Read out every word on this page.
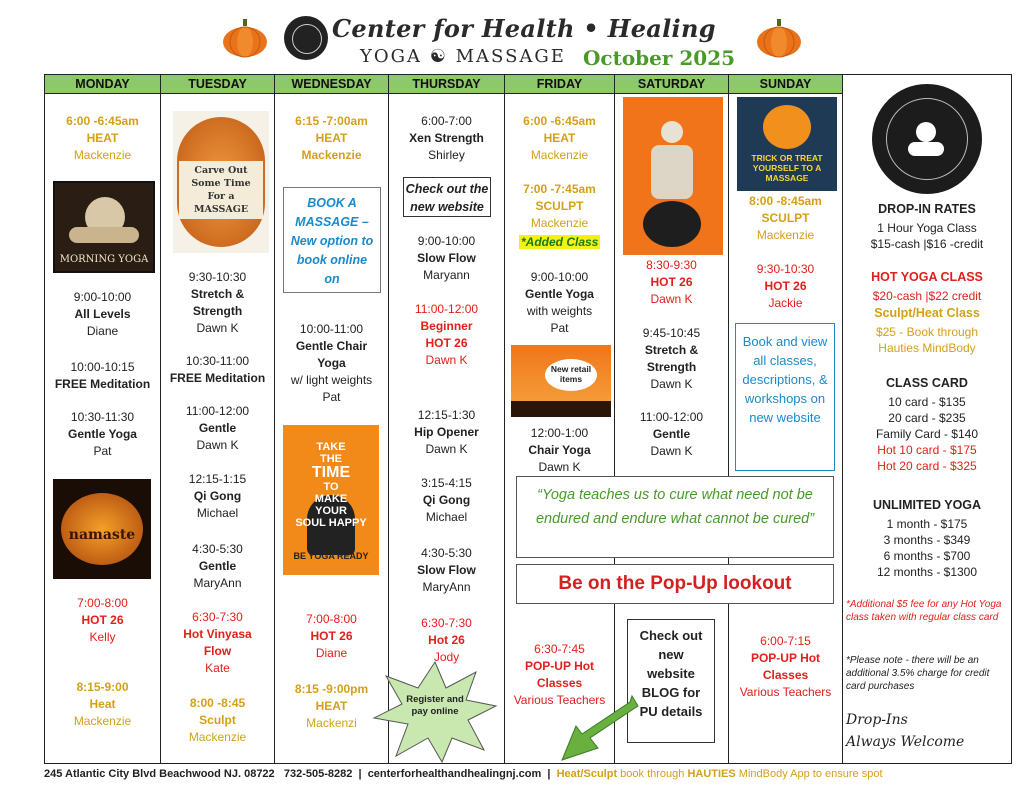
Center for Health • Healing
YOGA ☯ MASSAGE October 2025
MONDAY
6:00 -6:45am
HEAT
Mackenzie
MORNING YOGA
9:00-10:00
All Levels
Diane
10:00-10:15
FREE Meditation
10:30-11:30
Gentle Yoga
Pat
namaste
7:00-8:00
HOT 26
Kelly
8:15-9:00
Heat
Mackenzie
TUESDAY
Carve Out Some Time For a MASSAGE
9:30-10:30
Stretch & Strength
Dawn K
10:30-11:00
FREE Meditation
11:00-12:00
Gentle
Dawn K
12:15-1:15
Qi Gong
Michael
4:30-5:30
Gentle
MaryAnn
6:30-7:30
Hot Vinyasa Flow
Kate
8:00 -8:45
Sculpt
Mackenzie
WEDNESDAY
6:15 -7:00am
HEAT
Mackenzie
BOOK A MASSAGE – New option to book online on
10:00-11:00
Gentle Chair Yoga
w/ light weights Pat
TAKE
THE
TIME
TO
MAKE
YOUR
SOUL HAPPY
BE YOGA READY
7:00-8:00
HOT 26
Diane
8:15 -9:00pm
HEAT
Mackenzi
THURSDAY
6:00-7:00
Xen Strength
Shirley
Check out the new website
9:00-10:00
Slow Flow
Maryann
11:00-12:00
Beginner HOT 26
Dawn K
12:15-1:30
Hip Opener
Dawn K
3:15-4:15
Qi Gong
Michael
4:30-5:30
Slow Flow
MaryAnn
6:30-7:30
Hot 26
Jody
FRIDAY
6:00 -6:45am
HEAT
Mackenzie
7:00 -7:45am
SCULPT
Mackenzie
*Added Class
9:00-10:00
Gentle Yoga
with weights Pat
New retail items
12:00-1:00
Chair Yoga
Dawn K
6:30-7:45
POP-UP Hot Classes
Various Teachers
SATURDAY
8:30-9:30
HOT 26
Dawn K
9:45-10:45
Stretch & Strength
Dawn K
11:00-12:00
Gentle
Dawn K
Check out new website BLOG for PU details
SUNDAY
TRICK OR TREAT YOURSELF TO A MASSAGE
8:00 -8:45am
SCULPT
Mackenzie
9:30-10:30
HOT 26
Jackie
Book and view all classes, descriptions, & workshops on new website
6:00-7:15
POP-UP Hot Classes
Various Teachers
“Yoga teaches us to cure what need not be endured and endure what cannot be cured”
Be on the Pop-Up lookout
Register and pay online
DROP-IN RATES
1 Hour Yoga Class
$15-cash |$16 -credit
HOT YOGA CLASS
$20-cash |$22 credit
Sculpt/Heat Class
$25 - Book through
Hauties MindBody
CLASS CARD
10 card - $135
20 card - $235
Family Card - $140
Hot 10 card - $175
Hot 20 card - $325
UNLIMITED YOGA
1 month - $175
3 months - $349
6 months - $700
12 months - $1300
*Additional $5 fee for any Hot Yoga class taken with regular class card
*Please note - there will be an additional 3.5% charge for credit card purchases
Drop-Ins
Always Welcome
245 Atlantic City Blvd Beachwood NJ. 08722 732-505-8282  |  centerforhealthandhealingnj.com  |  Heat/Sculpt book through HAUTIES MindBody App to ensure spot
